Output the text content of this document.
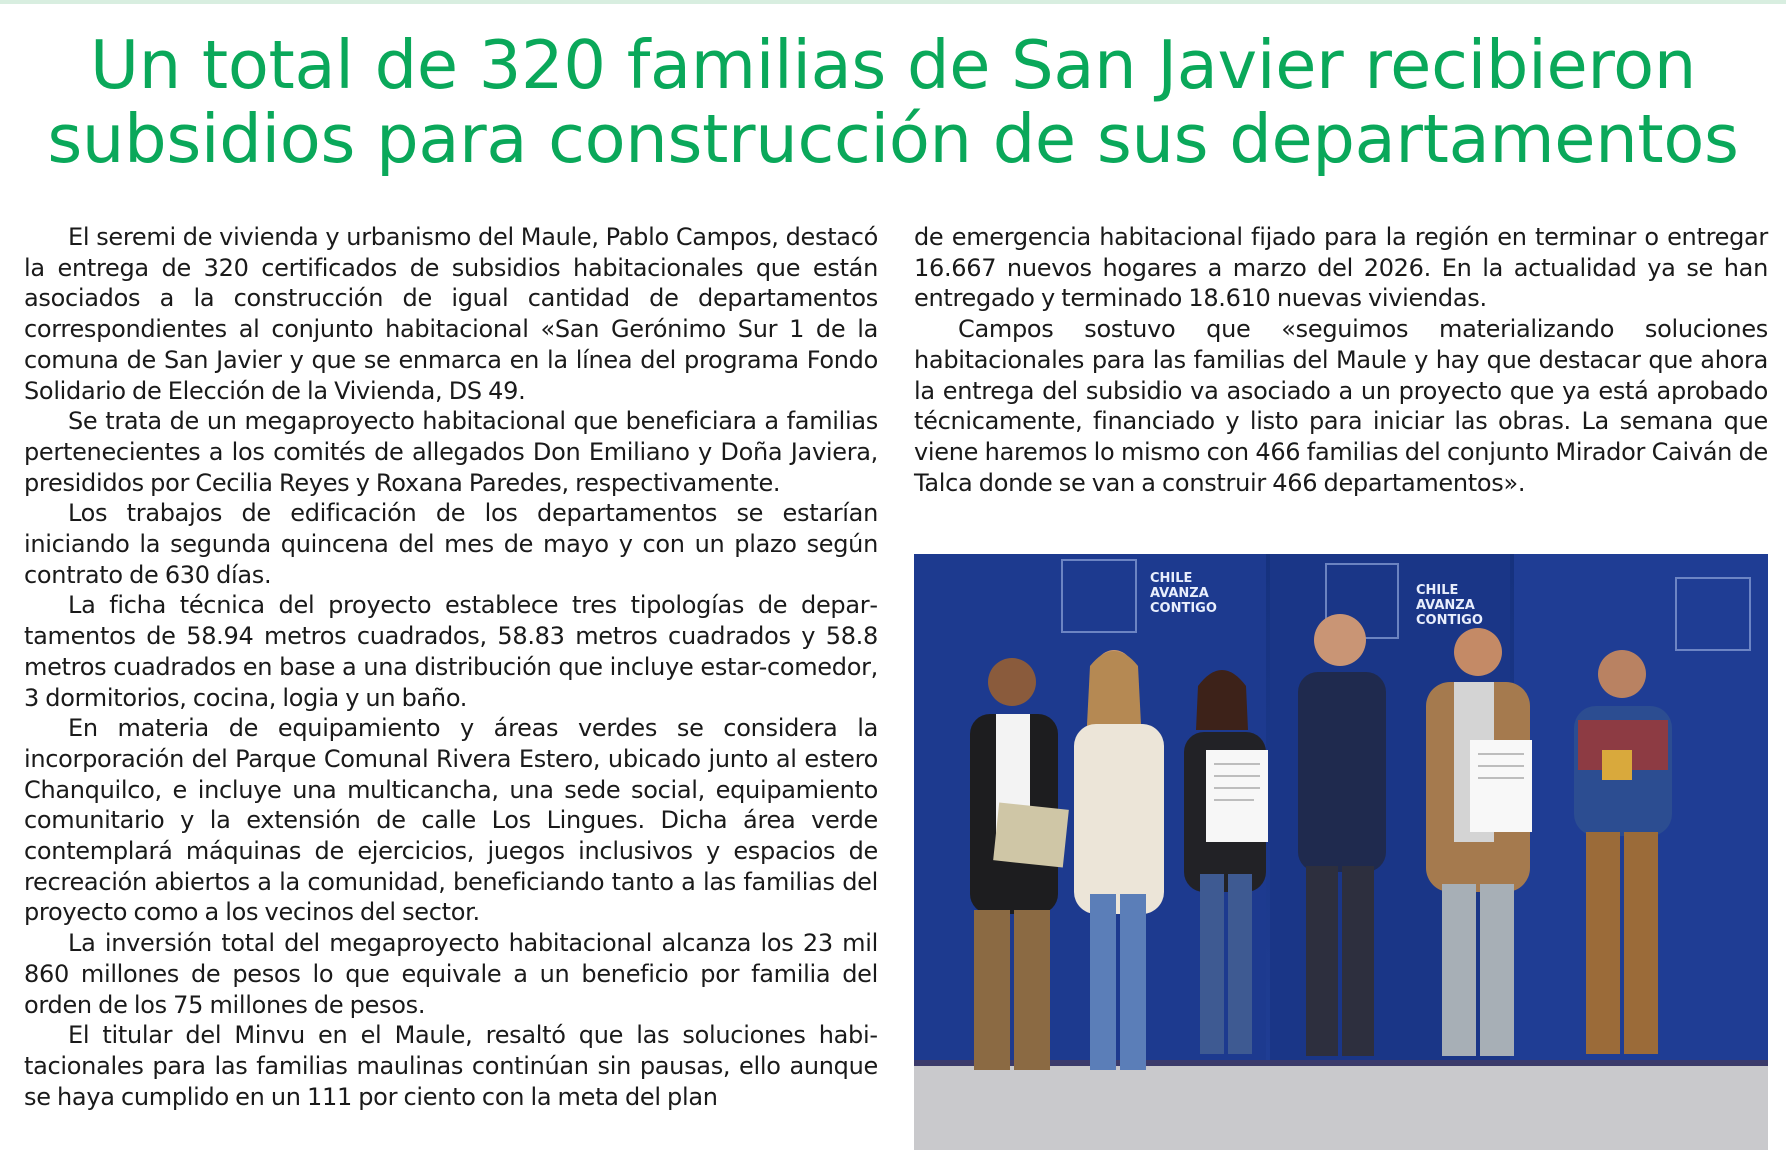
Un total de 320 familias de San Javier recibieron
subsidios para construcción de sus departamentos

El seremi de vivienda y urbanismo del Maule, Pablo Campos, destacó la entrega de 320 certificados de subsidios habitacionales que están asociados a la construcción de igual cantidad de departamentos correspondientes al conjunto habitacional «San Gerónimo Sur 1 de la comuna de San Javier y que se enmarca en la línea del programa Fondo Solidario de Elección de la Vivienda, DS 49.

Se trata de un megaproyecto habitacional que beneficiara a familias pertenecientes a los comités de allegados Don Emiliano y Doña Javiera, presididos por Cecilia Reyes y Roxana Paredes, respectivamente.

Los trabajos de edificación de los departamentos se estarían iniciando la segunda quincena del mes de mayo y con un plazo según contrato de 630 días.

La ficha técnica del proyecto establece tres tipologías de departamentos de 58.94 metros cuadrados, 58.83 metros cuadrados y 58.8 metros cuadrados en base a una distribución que incluye estar-comedor, 3 dormitorios, cocina, logia y un baño.

En materia de equipamiento y áreas verdes se considera la incorporación del Parque Comunal Rivera Estero, ubicado junto al estero Chanquilco, e incluye una multicancha, una sede social, equipamiento comunitario y la extensión de calle Los Lingues. Dicha área verde contemplará máquinas de ejercicios, juegos inclusivos y espacios de recreación abiertos a la comunidad, beneficiando tanto a las familias del proyecto como a los vecinos del sector.

La inversión total del megaproyecto habitacional alcanza los 23 mil 860 millones de pesos lo que equivale a un beneficio por familia del orden de los 75 millones de pesos.

El titular del Minvu en el Maule, resaltó que las soluciones habitacionales para las familias maulinas continúan sin pausas, ello aunque se haya cumplido en un 111 por ciento con la meta del plan

de emergencia habitacional fijado para la región en terminar o entregar 16.667 nuevos hogares a marzo del 2026. En la actualidad ya se han entregado y terminado 18.610 nuevas viviendas.

Campos sostuvo que «seguimos materializando soluciones habitacionales para las familias del Maule y hay que destacar que ahora la entrega del subsidio va asociado a un proyecto que ya está aprobado técnicamente, financiado y listo para iniciar las obras. La semana que viene haremos lo mismo con 466 familias del conjunto Mirador Caiván de Talca donde se van a construir 466 departamentos».

CHILE
AVANZA
CONTIGO
CHILE
AVANZA
CONTIGO
